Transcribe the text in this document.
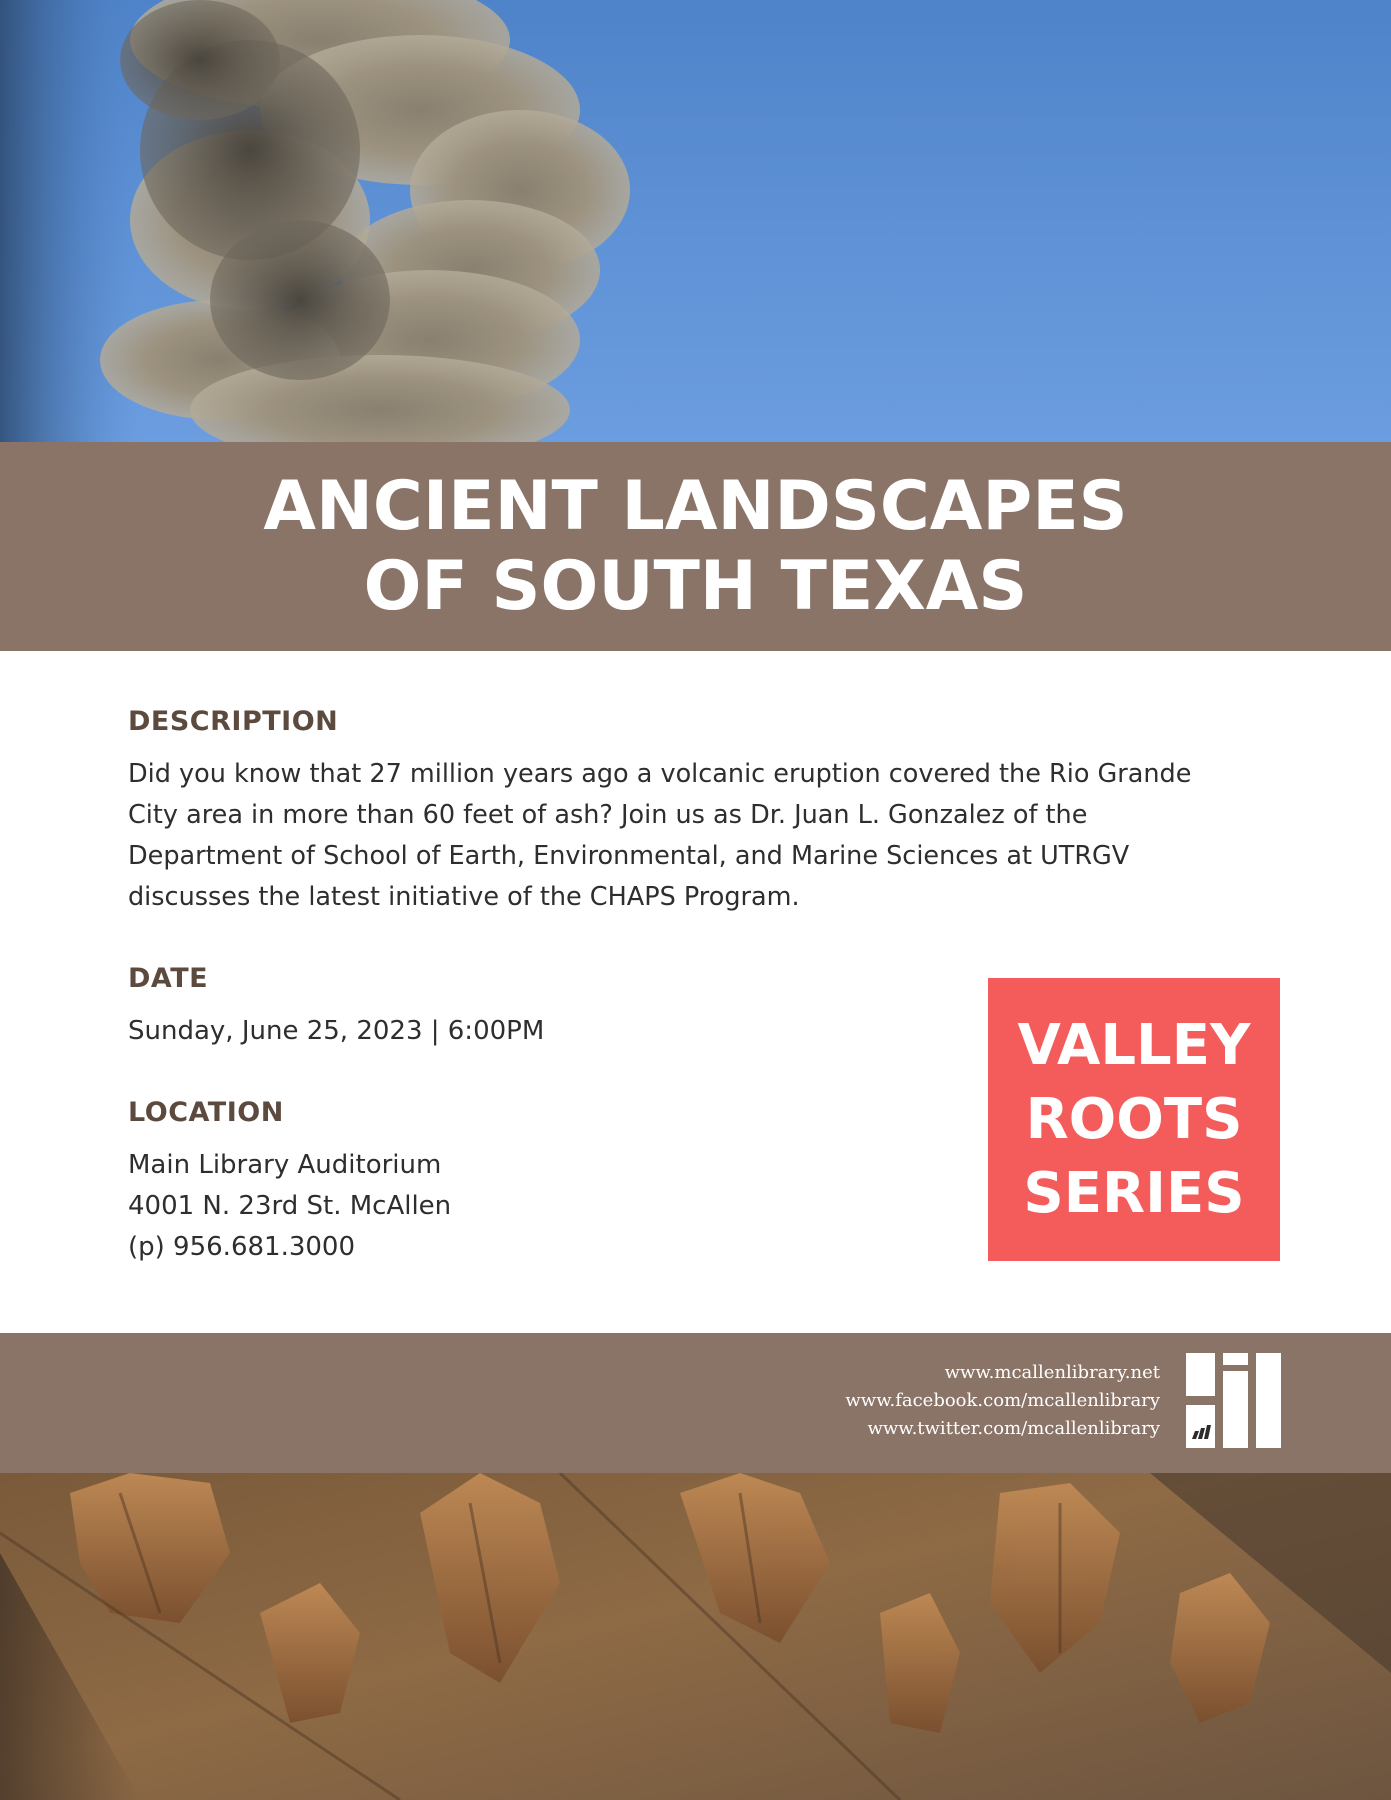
ANCIENT LANDSCAPES
OF SOUTH TEXAS
DESCRIPTION

Did you know that 27 million years ago a volcanic eruption covered the Rio Grande City area in more than 60 feet of ash? Join us as Dr. Juan L. Gonzalez of the Department of School of Earth, Environmental, and Marine Sciences at UTRGV discusses the latest initiative of the CHAPS Program.

DATE

Sunday, June 25, 2023 | 6:00PM

LOCATION
Main Library Auditorium
4001 N. 23rd St. McAllen
(p) 956.681.3000
VALLEY
ROOTS
SERIES
www.mcallenlibrary.net
www.facebook.com/mcallenlibrary
www.twitter.com/mcallenlibrary
